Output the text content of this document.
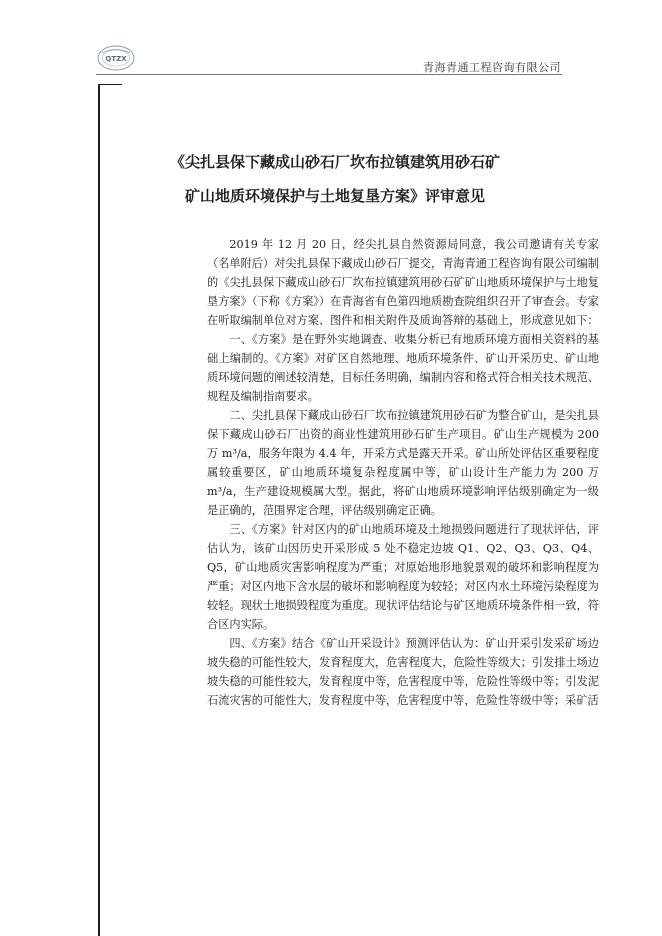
QTZX
青海青通工程咨询有限公司
《尖扎县保下藏成山砂石厂坎布拉镇建筑用砂石矿
矿山地质环境保护与土地复垦方案》评审意见

2019 年 12 月 20 日，经尖扎县自然资源局同意，我公司邀请有关专家（名单附后）对尖扎县保下藏成山砂石厂提交，青海青通工程咨询有限公司编制的《尖扎县保下藏成山砂石厂坎布拉镇建筑用砂石矿矿山地质环境保护与土地复垦方案》（下称《方案》）在青海省有色第四地质勘查院组织召开了审查会。专家在听取编制单位对方案、图件和相关附件及质询答辩的基础上，形成意见如下：

一、《方案》是在野外实地调查、收集分析已有地质环境方面相关资料的基础上编制的。《方案》对矿区自然地理、地质环境条件、矿山开采历史、矿山地质环境问题的阐述较清楚，目标任务明确，编制内容和格式符合相关技术规范、规程及编制指南要求。

二、尖扎县保下藏成山砂石厂坎布拉镇建筑用砂石矿为整合矿山，是尖扎县保下藏成山砂石厂出资的商业性建筑用砂石矿生产项目。矿山生产规模为 200 万 m³/a，服务年限为 4.4 年，开采方式是露天开采。矿山所处评估区重要程度属较重要区，矿山地质环境复杂程度属中等，矿山设计生产能力为 200 万 m³/a，生产建设规模属大型。据此，将矿山地质环境影响评估级别确定为一级是正确的，范围界定合理，评估级别确定正确。

三、《方案》针对区内的矿山地质环境及土地损毁问题进行了现状评估，评估认为，该矿山因历史开采形成 5 处不稳定边坡 Q1、Q2、Q3、Q3、Q4、Q5，矿山地质灾害影响程度为严重；对原始地形地貌景观的破坏和影响程度为严重；对区内地下含水层的破坏和影响程度为较轻；对区内水土环境污染程度为较轻。现状土地损毁程度为重度。现状评估结论与矿区地质环境条件相一致，符合区内实际。

四、《方案》结合《矿山开采设计》预测评估认为：矿山开采引发采矿场边坡失稳的可能性较大，发育程度大，危害程度大，危险性等级大；引发排土场边坡失稳的可能性较大，发育程度中等，危害程度中等，危险性等级中等；引发泥石流灾害的可能性大，发育程度中等，危害程度中等，危险性等级中等；采矿活
